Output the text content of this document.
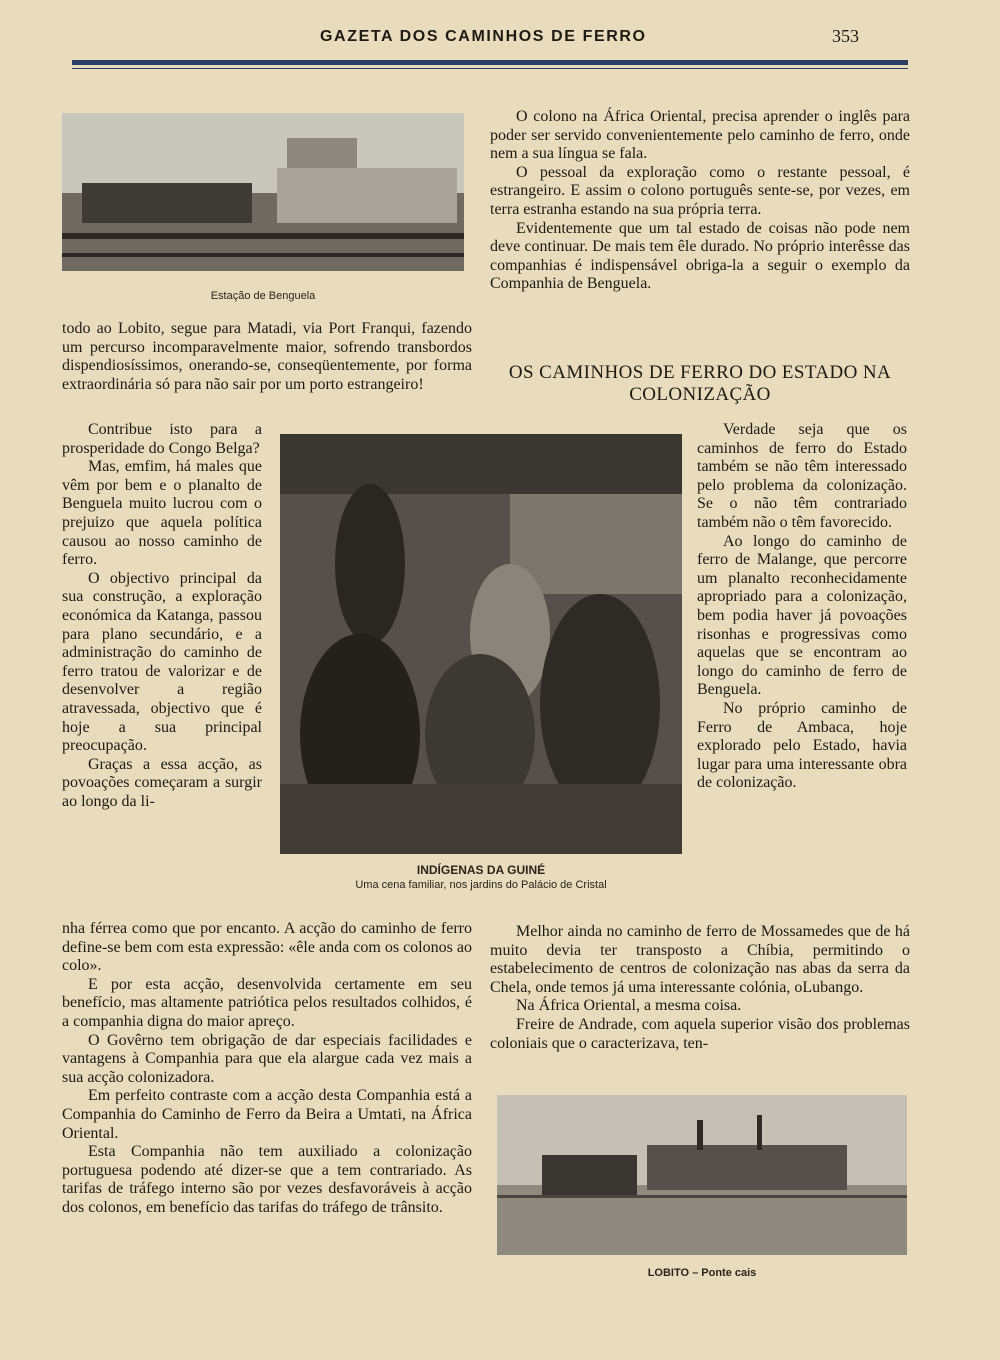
GAZETA DOS CAMINHOS DE FERRO	353
Estação de Benguela

todo ao Lobito, segue para Matadi, via Port Franqui, fazendo um percurso incomparavelmente maior, sofrendo transbordos dispendiosíssimos, onerando-se, conseqüentemente, por forma extraordinária só para não sair por um porto estrangeiro!

Contribue isto para a prosperidade do Congo Belga?

Mas, emfim, há males que vêm por bem e o planalto de Benguela muito lucrou com o prejuizo que aquela política causou ao nosso caminho de ferro.

O objectivo principal da sua construção, a exploração económica da Katanga, passou para plano secundário, e a administração do caminho de ferro tratou de valorizar e de desenvolver a região atravessada, objectivo que é hoje a sua principal preocupação.

Graças a essa acção, as povoações começaram a surgir ao longo da li-

nha férrea como que por encanto. A acção do caminho de ferro define-se bem com esta expressão: «êle anda com os colonos ao colo».

E por esta acção, desenvolvida certamente em seu benefício, mas altamente patriótica pelos resultados colhidos, é a companhia digna do maior apreço.

O Govêrno tem obrigação de dar especiais facilidades e vantagens à Companhia para que ela alargue cada vez mais a sua acção colonizadora.

Em perfeito contraste com a acção desta Companhia está a Companhia do Caminho de Ferro da Beira a Umtati, na África Oriental.

Esta Companhia não tem auxiliado a colonização portuguesa podendo até dizer-se que a tem contrariado. As tarifas de tráfego interno são por vezes desfavoráveis à acção dos colonos, em benefício das tarifas do tráfego de trânsito.

INDÍGENAS DA GUINÉ
Uma cena familiar, nos jardins do Palácio de Cristal

O colono na África Oriental, precisa aprender o inglês para poder ser servido convenientemente pelo caminho de ferro, onde nem a sua língua se fala.

O pessoal da exploração como o restante pessoal, é estrangeiro. E assim o colono português sente-se, por vezes, em terra estranha estando na sua própria terra.

Evidentemente que um tal estado de coisas não pode nem deve continuar. De mais tem êle durado. No próprio interêsse das companhias é indispensável obriga-la a seguir o exemplo da Companhia de Benguela.

OS CAMINHOS DE FERRO DO ESTADO NA COLONIZAÇÃO

Verdade seja que os caminhos de ferro do Estado também se não têm interessado pelo problema da colonização. Se o não têm contrariado também não o têm favorecido.

Ao longo do caminho de ferro de Malange, que percorre um planalto reconhecidamente apropriado para a colonização, bem podia haver já povoações risonhas e progressivas como aquelas que se encontram ao longo do caminho de ferro de Benguela.

No próprio caminho de Ferro de Ambaca, hoje explorado pelo Estado, havia lugar para uma interessante obra de colonização.

Melhor ainda no caminho de ferro de Mossamedes que de há muito devia ter transposto a Chíbia, permitindo o estabelecimento de centros de colonização nas abas da serra da Chela, onde temos já uma interessante colónia, oLubango.

Na África Oriental, a mesma coisa.

Freire de Andrade, com aquela superior visão dos problemas coloniais que o caracterizava, ten-

LOBITO – Ponte cais
